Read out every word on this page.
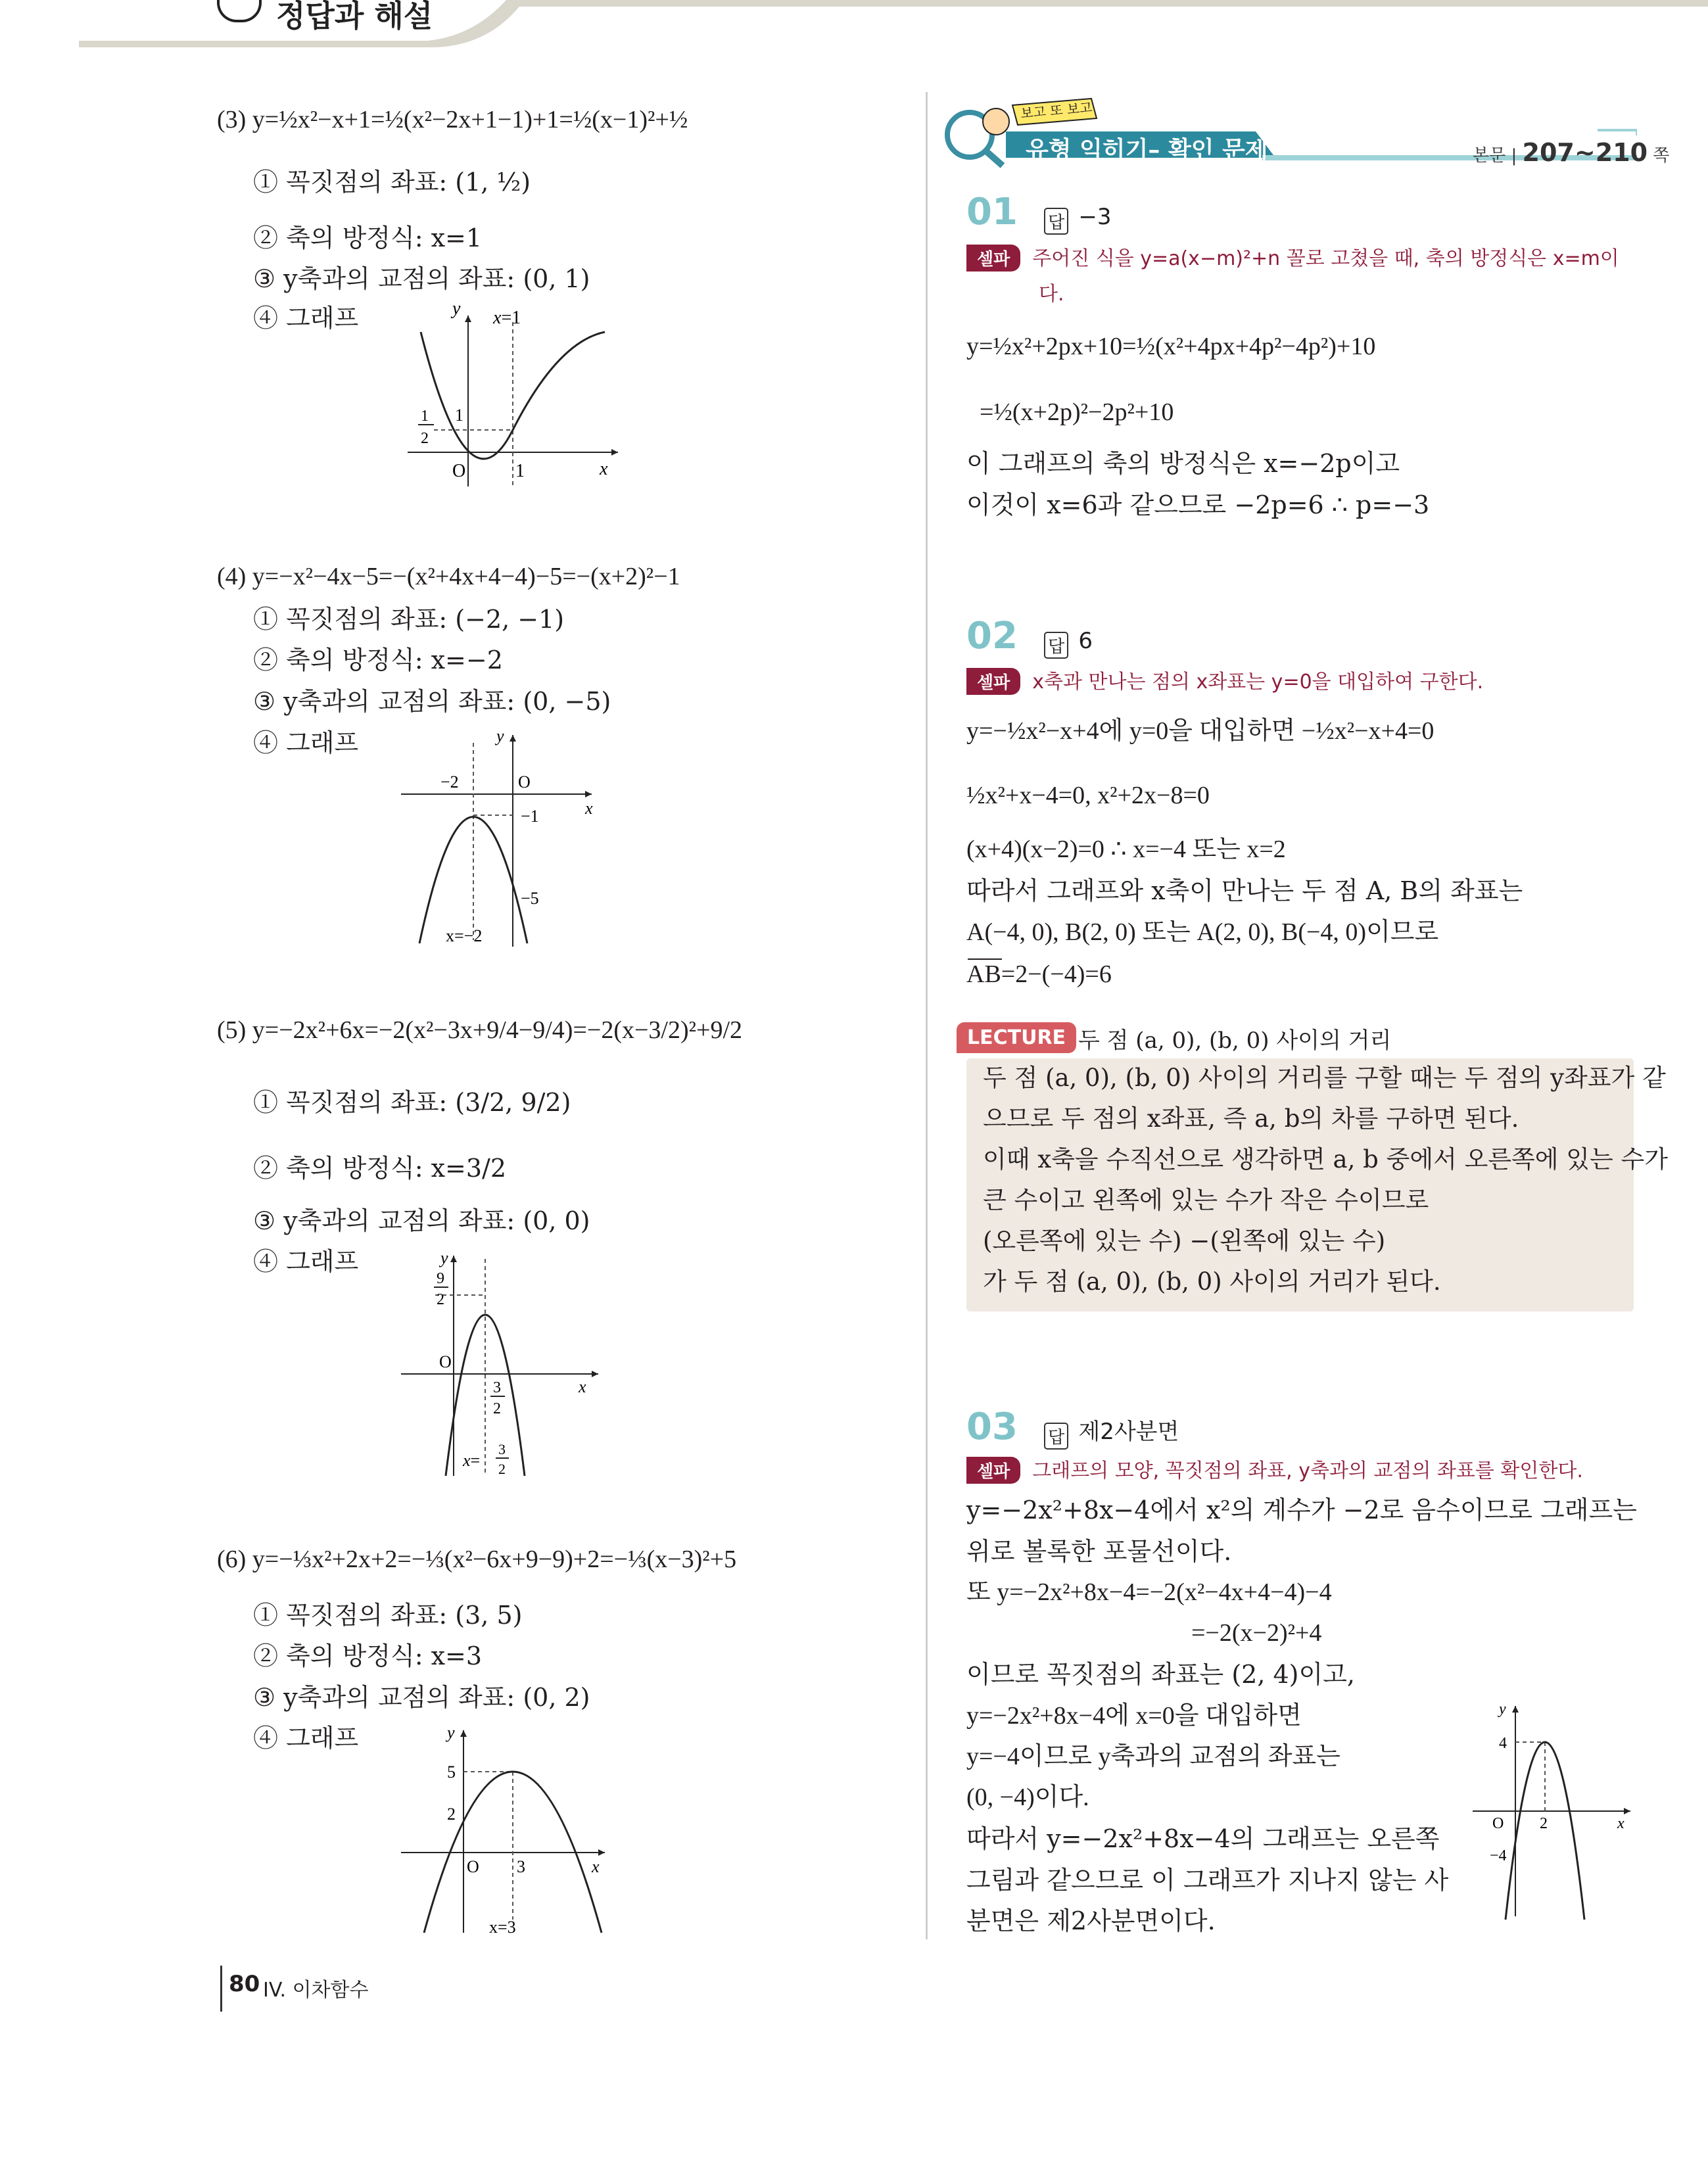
정답과 해설
(3) y=½x²−x+1=½(x²−2x+1−1)+1=½(x−1)²+½
① 꼭짓점의 좌표: (1, ½)
② 축의 방정식: x=1
③ y축과의 교점의 좌표: (0, 1)
④ 그래프	y x=1
O	1	x
1
1
2
(4) y=−x²−4x−5=−(x²+4x+4−4)−5=−(x+2)²−1
① 꼭짓점의 좌표: (−2, −1)
② 축의 방정식: x=−2
③ y축과의 교점의 좌표: (0, −5)
④ 그래프	y
O
−2
−1
−5
x
x=−2
(5) y=−2x²+6x=−2(x²−3x+9/4−9/4)=−2(x−3/2)²+9/2
① 꼭짓점의 좌표: (3/2, 9/2)
② 축의 방정식: x=3/2
③ y축과의 교점의 좌표: (0, 0)
④ 그래프	y
9
2
O
3
2
x
x=
3
2
(6) y=−⅓x²+2x+2=−⅓(x²−6x+9−9)+2=−⅓(x−3)²+5
① 꼭짓점의 좌표: (3, 5)
② 축의 방정식: x=3
③ y축과의 교점의 좌표: (0, 2)
④ 그래프	y
5
2
O 3	x
x=3
보고 또 보고
유형 익히기– 확인 문제	본문 | 207~210 쪽
01 답 −3
셀파 주어진 식을 y=a(x−m)²+n 꼴로 고쳤을 때, 축의 방정식은 x=m이
다.
y=½x²+2px+10=½(x²+4px+4p²−4p²)+10
=½(x+2p)²−2p²+10
이 그래프의 축의 방정식은 x=−2p이고
이것이 x=6과 같으므로 −2p=6 ∴ p=−3
02 답 6
셀파 x축과 만나는 점의 x좌표는 y=0을 대입하여 구한다.
y=−½x²−x+4에 y=0을 대입하면 −½x²−x+4=0
½x²+x−4=0, x²+2x−8=0
(x+4)(x−2)=0 ∴ x=−4 또는 x=2
따라서 그래프와 x축이 만나는 두 점 A, B의 좌표는
A(−4, 0), B(2, 0) 또는 A(2, 0), B(−4, 0)이므로
AB=2−(−4)=6
LECTURE 두 점 (a, 0), (b, 0) 사이의 거리
두 점 (a, 0), (b, 0) 사이의 거리를 구할 때는 두 점의 y좌표가 같
으므로 두 점의 x좌표, 즉 a, b의 차를 구하면 된다.
이때 x축을 수직선으로 생각하면 a, b 중에서 오른쪽에 있는 수가
큰 수이고 왼쪽에 있는 수가 작은 수이므로
(오른쪽에 있는 수) −(왼쪽에 있는 수)
가 두 점 (a, 0), (b, 0) 사이의 거리가 된다.
03 답 제2사분면
셀파 그래프의 모양, 꼭짓점의 좌표, y축과의 교점의 좌표를 확인한다.
y=−2x²+8x−4에서 x²의 계수가 −2로 음수이므로 그래프는
위로 볼록한 포물선이다.
또 y=−2x²+8x−4=−2(x²−4x+4−4)−4
=−2(x−2)²+4
이므로 꼭짓점의 좌표는 (2, 4)이고,
y=−2x²+8x−4에 x=0을 대입하면
y=−4이므로 y축과의 교점의 좌표는
(0, −4)이다.
따라서 y=−2x²+8x−4의 그래프는 오른쪽
그림과 같으므로 이 그래프가 지나지 않는 사
분면은 제2사분면이다.
y
4
O 2	x
−4
80 IV. 이차함수
